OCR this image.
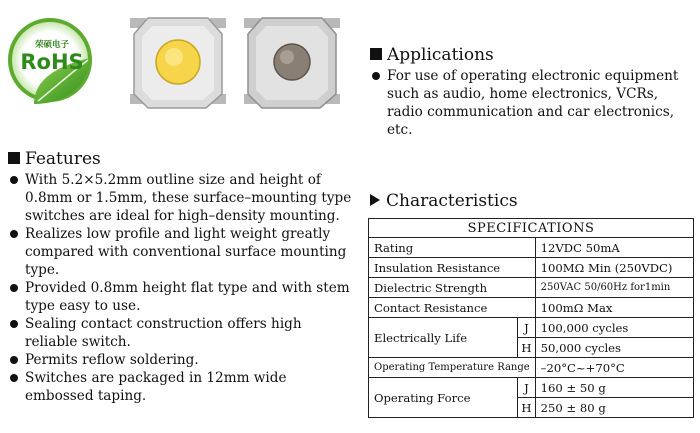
荣硕电子
RoHS	Applications
For use of operating electronic equipment such as audio, home electronics, VCRs, radio communication and car electronics, etc.
Features
With 5.2×5.2mm outline size and height of 0.8mm or 1.5mm, these surface–mounting type switches are ideal for high–density mounting.
Realizes low profile and light weight greatly compared with conventional surface mounting type.
Provided 0.8mm height flat type and with stem type easy to use.
Sealing contact construction offers high reliable switch.
Permits reflow soldering.
Switches are packaged in 12mm wide embossed taping.
Characteristics
SPECIFICATIONS		
Rating		12VDC 50mA
Insulation Resistance		100MΩ Min (250VDC)
Dielectric Strength		250VAC 50/60Hz for1min
Contact Resistance		100mΩ Max
Electrically Life	J	100,000 cycles
	H	50,000 cycles
Operating Temperature Range		–20°C~+70°C
Operating Force	J	160 ± 50 g
	H	250 ± 80 g
